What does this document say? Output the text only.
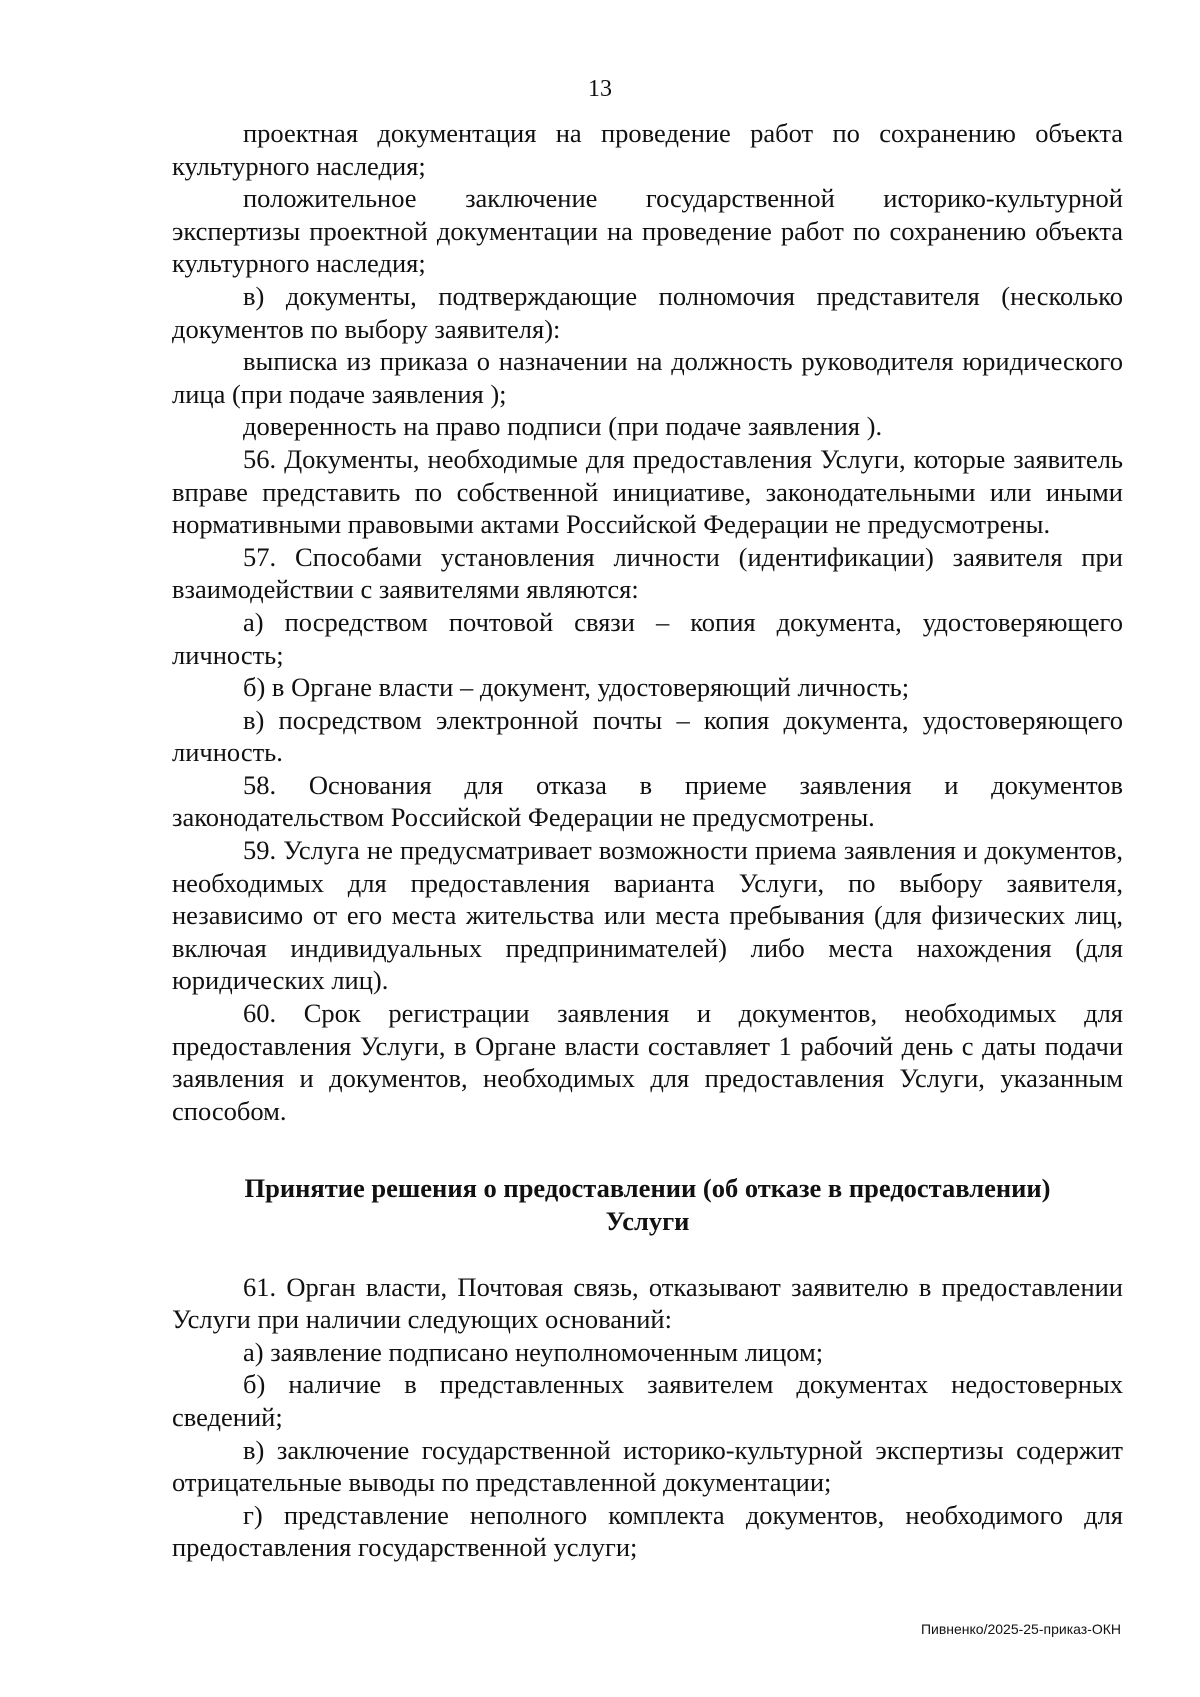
13

проектная документация на проведение работ по сохранению объекта культурного наследия;

положительное заключение государственной историко-культурной экспертизы проектной документации на проведение работ по сохранению объекта культурного наследия;

в) документы, подтверждающие полномочия представителя (несколько документов по выбору заявителя):

выписка из приказа о назначении на должность руководителя юридического лица (при подаче заявления );

доверенность на право подписи (при подаче заявления ).

56. Документы, необходимые для предоставления Услуги, которые заявитель вправе представить по собственной инициативе, законодательными или иными нормативными правовыми актами Российской Федерации не предусмотрены.

57. Способами установления личности (идентификации) заявителя при взаимодействии с заявителями являются:

а) посредством почтовой связи – копия документа, удостоверяющего личность;

б) в Органе власти – документ, удостоверяющий личность;

в) посредством электронной почты – копия документа, удостоверяющего личность.

58. Основания для отказа в приеме заявления и документов законодательством Российской Федерации не предусмотрены.

59. Услуга не предусматривает возможности приема заявления и документов, необходимых для предоставления варианта Услуги, по выбору заявителя, независимо от его места жительства или места пребывания (для физических лиц, включая индивидуальных предпринимателей) либо места нахождения (для юридических лиц).

60. Срок регистрации заявления и документов, необходимых для предоставления Услуги, в Органе власти составляет 1 рабочий день с даты подачи заявления и документов, необходимых для предоставления Услуги, указанным способом.

Принятие решения о предоставлении (об отказе в предоставлении)
Услуги

61. Орган власти, Почтовая связь, отказывают заявителю в предоставлении Услуги при наличии следующих оснований:

а) заявление подписано неуполномоченным лицом;

б) наличие в представленных заявителем документах недостоверных сведений;

в) заключение государственной историко-культурной экспертизы содержит отрицательные выводы по представленной документации;

г) представление неполного комплекта документов, необходимого для предоставления государственной услуги;

Пивненко/2025-25-приказ-ОКН
